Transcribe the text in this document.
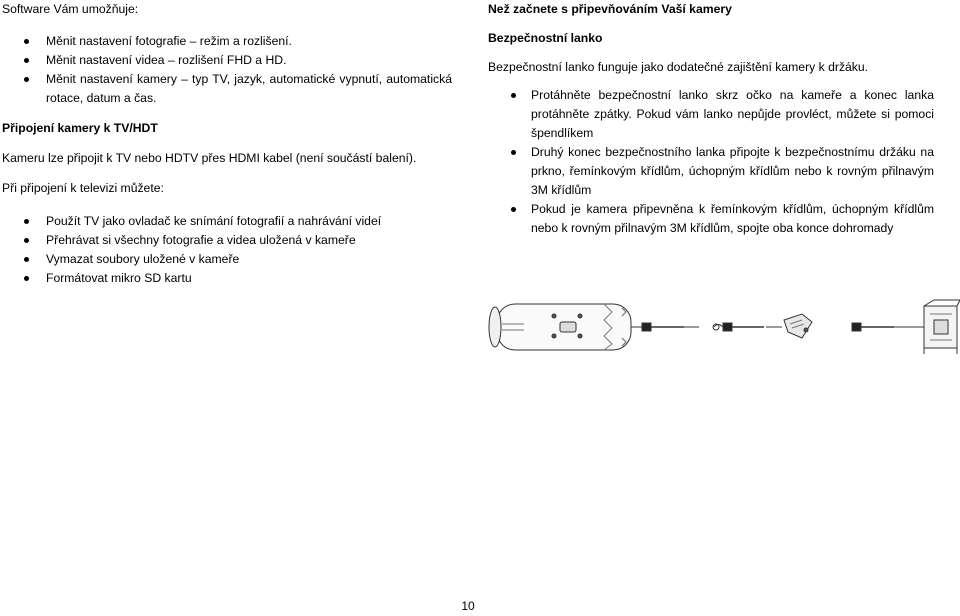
Software Vám umožňuje:

Měnit nastavení fotografie – režim a rozlišení.
Měnit nastavení videa – rozlišení FHD a HD.
Měnit nastavení kamery – typ TV, jazyk, automatické vypnutí, automatická rotace, datum a čas.

Připojení kamery k TV/HDT

Kameru lze připojit k TV nebo HDTV přes HDMI kabel (není součástí balení).

Při připojení k televizi můžete:

Použít TV jako ovladač ke snímání fotografií a nahrávání videí
Přehrávat si všechny fotografie a videa uložená v kameře
Vymazat soubory uložené v kameře
Formátovat mikro SD kartu

Než začnete s připevňováním Vaší kamery

Bezpečnostní lanko

Bezpečnostní lanko funguje jako dodatečné zajištění kamery k držáku.

Protáhněte bezpečnostní lanko skrz očko na kameře a konec lanka protáhněte zpátky. Pokud vám lanko nepůjde provléct, můžete si pomoci špendlíkem
Druhý konec bezpečnostního lanka připojte k bezpečnostnímu držáku na prkno, řemínkovým křídlům, úchopným křídlům nebo k rovným přilnavým 3M křídlům
Pokud je kamera připevněna k řemínkovým křídlům, úchopným křídlům nebo k rovným přilnavým 3M křídlům, spojte oba konce dohromady
10
